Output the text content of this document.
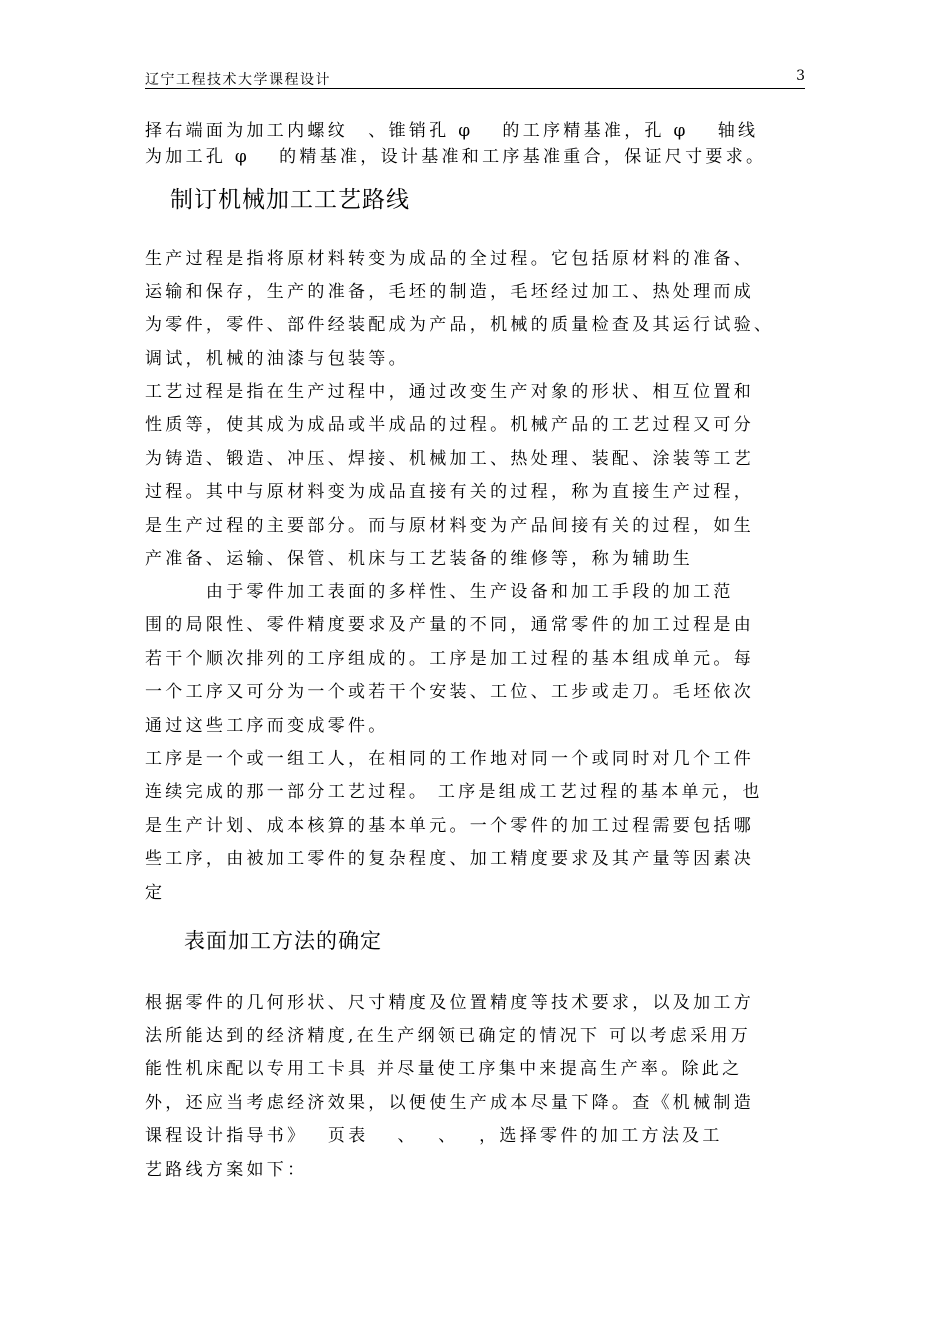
辽宁工程技术大学课程设计	3
择右端面为加工内螺纹　、锥销孔 φ　 的工序精基准，孔 φ　 轴线
为加工孔 φ　 的精基准，设计基准和工序基准重合，保证尺寸要求。
制订机械加工工艺路线
生产过程是指将原材料转变为成品的全过程。它包括原材料的准备、
运输和保存，生产的准备，毛坯的制造，毛坯经过加工、热处理而成
为零件，零件、部件经装配成为产品，机械的质量检查及其运行试验、
调试，机械的油漆与包装等。
工艺过程是指在生产过程中，通过改变生产对象的形状、相互位置和
性质等，使其成为成品或半成品的过程。机械产品的工艺过程又可分
为铸造、锻造、冲压、焊接、机械加工、热处理、装配、涂装等工艺
过程。其中与原材料变为成品直接有关的过程，称为直接生产过程，
是生产过程的主要部分。而与原材料变为产品间接有关的过程，如生
产准备、运输、保管、机床与工艺装备的维修等，称为辅助生
　　　由于零件加工表面的多样性、生产设备和加工手段的加工范
围的局限性、零件精度要求及产量的不同，通常零件的加工过程是由
若干个顺次排列的工序组成的。工序是加工过程的基本组成单元。每
一个工序又可分为一个或若干个安装、工位、工步或走刀。毛坯依次
通过这些工序而变成零件。
工序是一个或一组工人，在相同的工作地对同一个或同时对几个工件
连续完成的那一部分工艺过程。 工序是组成工艺过程的基本单元，也
是生产计划、成本核算的基本单元。一个零件的加工过程需要包括哪
些工序，由被加工零件的复杂程度、加工精度要求及其产量等因素决
定
表面加工方法的确定
根据零件的几何形状、尺寸精度及位置精度等技术要求，以及加工方
法所能达到的经济精度,在生产纲领已确定的情况下 可以考虑采用万
能性机床配以专用工卡具 并尽量使工序集中来提高生产率。除此之
外，还应当考虑经济效果，以便使生产成本尽量下降。查《机械制造
课程设计指导书》　 页表　 、　 、　 ，选择零件的加工方法及工
艺路线方案如下：
